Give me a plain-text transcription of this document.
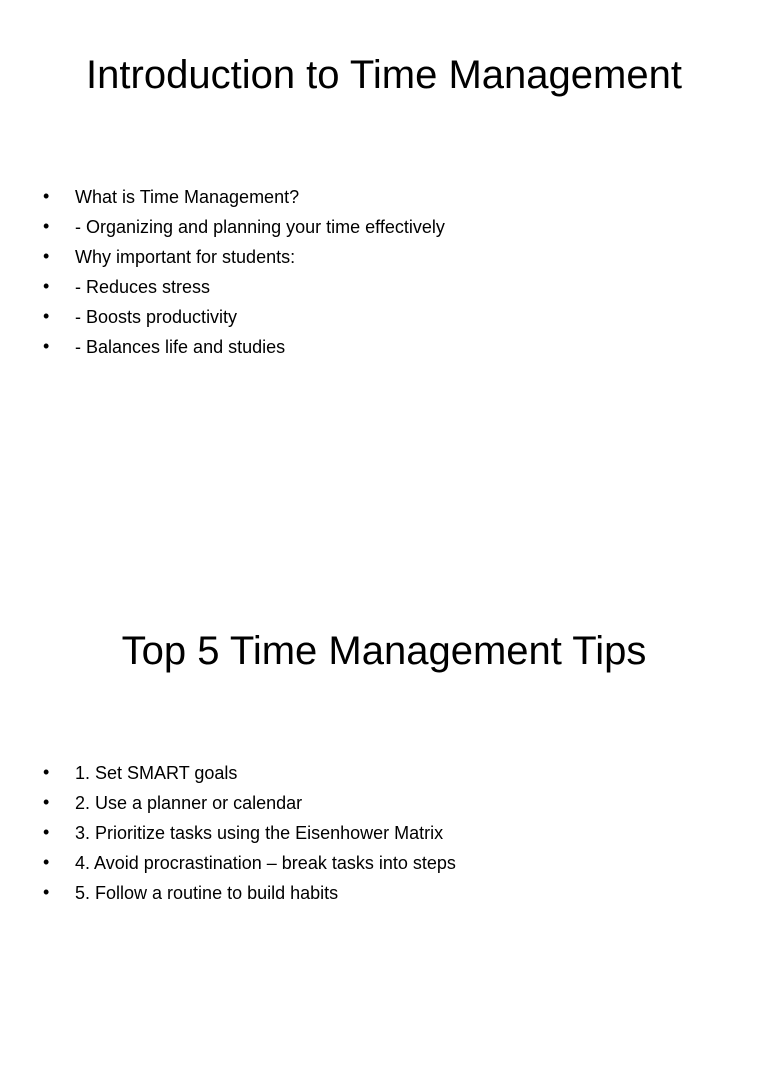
Introduction to Time Management
• What is Time Management?
• - Organizing and planning your time effectively
• Why important for students:
• - Reduces stress
• - Boosts productivity
• - Balances life and studies
Top 5 Time Management Tips
• 1. Set SMART goals
• 2. Use a planner or calendar
• 3. Prioritize tasks using the Eisenhower Matrix
• 4. Avoid procrastination – break tasks into steps
• 5. Follow a routine to build habits
